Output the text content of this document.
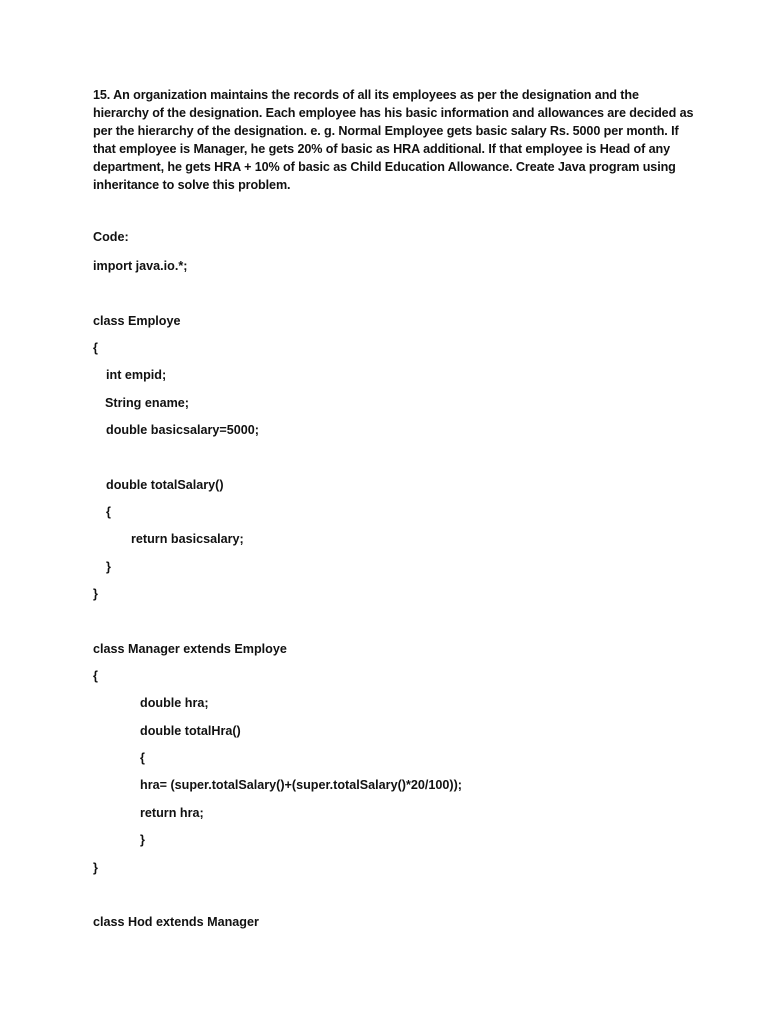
15. An organization maintains the records of all its employees as per the designation and the
hierarchy of the designation. Each employee has his basic information and allowances are decided as
per the hierarchy of the designation. e. g. Normal Employee gets basic salary Rs. 5000 per month. If
that employee is Manager, he gets 20% of basic as HRA additional. If that employee is Head of any
department, he gets HRA + 10% of basic as Child Education Allowance. Create Java program using
inheritance to solve this problem.
Code:
import java.io.*;
class Employe
{
int empid;
String ename;
double basicsalary=5000;
double totalSalary()
{
return basicsalary;
}
}
class Manager extends Employe
{
double hra;
double totalHra()
{
hra= (super.totalSalary()+(super.totalSalary()*20/100));
return hra;
}
}
class Hod extends Manager
